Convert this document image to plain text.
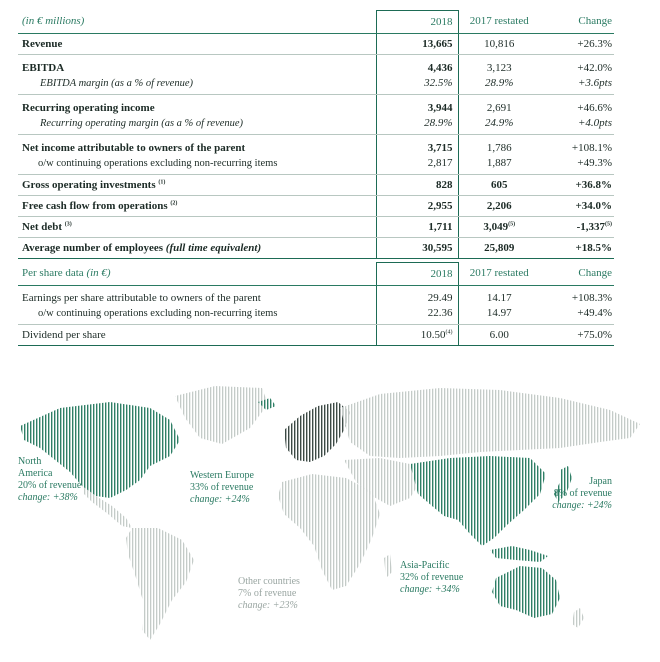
(in € millions)	2018	2017 restated	Change
Revenue	13,665	10,816	+26.3%
EBITDA	4,436	3,123	+42.0%
EBITDA margin (as a % of revenue)	32.5%	28.9%	+3.6pts
Recurring operating income	3,944	2,691	+46.6%
Recurring operating margin (as a % of revenue)	28.9%	24.9%	+4.0pts
Net income attributable to owners of the parent	3,715	1,786	+108.1%
o/w continuing operations excluding non-recurring items	2,817	1,887	+49.3%
Gross operating investments $^{(1)}$	828	605	+36.8%
Free cash flow from operations $^{(2)}$	2,955	2,206	+34.0%
Net debt $^{(3)}$	1,711	3,049$^{(5)}$	-1,337$^{(5)}$
Average number of employees (full time equivalent)	30,595	25,809	+18.5%
Per share data (in €)	2018	2017 restated	Change
Earnings per share attributable to owners of the parent	29.49	14.17	+108.3%
o/w continuing operations excluding non-recurring items	22.36	14.97	+49.4%
Dividend per share	10.50$^{(4)}$	6.00	+75.0%
North
America
20% of revenue
change: +38%
Western Europe
33% of revenue
change: +24%
Japan
8% of revenue
change: +24%
Asia-Pacific
32% of revenue
change: +34%
Other countries
7% of revenue
change: +23%
